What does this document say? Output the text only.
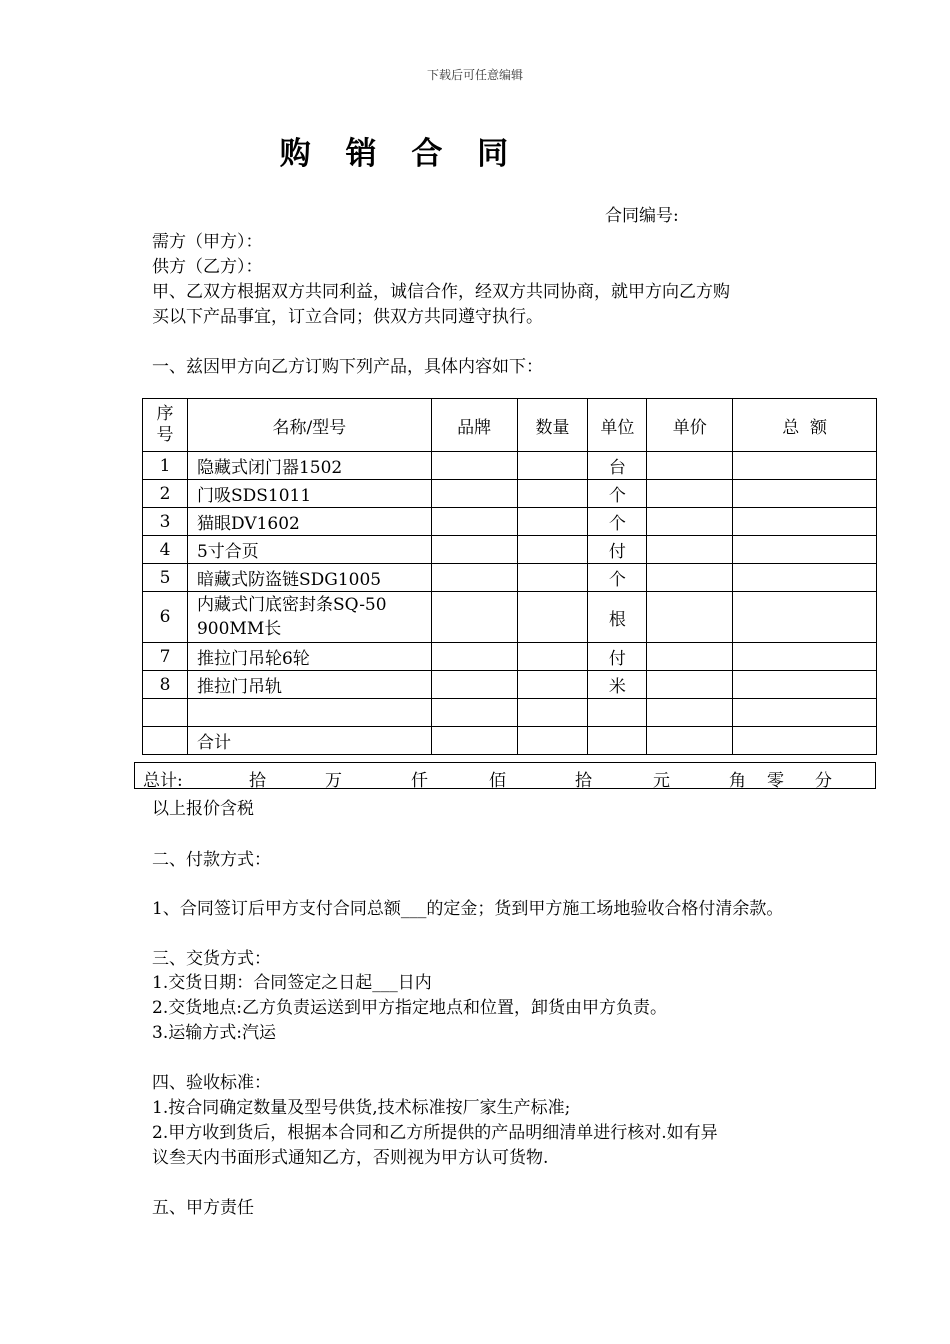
下载后可任意编辑
购 销 合 同
合同编号:
需方（甲方）：
供方（乙方）：
甲、乙双方根据双方共同利益，诚信合作，经双方共同协商，就甲方向乙方购
买以下产品事宜，订立合同；供双方共同遵守执行。
一、兹因甲方向乙方订购下列产品，具体内容如下：
序号	名称/型号	品牌	数量	单位	单价	总  额
1	隐藏式闭门器1502			台		
2	门吸SDS1011			个		
3	猫眼DV1602			个		
4	5寸合页			付		
5	暗藏式防盗链SDG1005			个		
6	内藏式门底密封条SQ-50
900MM长			根		
7	推拉门吊轮6轮			付		
8	推拉门吊轨			米		

	合计					
总计:	拾	万	仟	佰	拾	元	角 零 分
以上报价含税
二、付款方式：
1、合同签订后甲方支付合同总额___的定金；货到甲方施工场地验收合格付清余款。
三、交货方式：
1.交货日期：合同签定之日起___日内
2.交货地点:乙方负责运送到甲方指定地点和位置，卸货由甲方负责。
3.运输方式:汽运
四、验收标准：
1.按合同确定数量及型号供货,技术标准按厂家生产标准;
2.甲方收到货后，根据本合同和乙方所提供的产品明细清单进行核对.如有异
议叁天内书面形式通知乙方，否则视为甲方认可货物.
五、甲方责任
